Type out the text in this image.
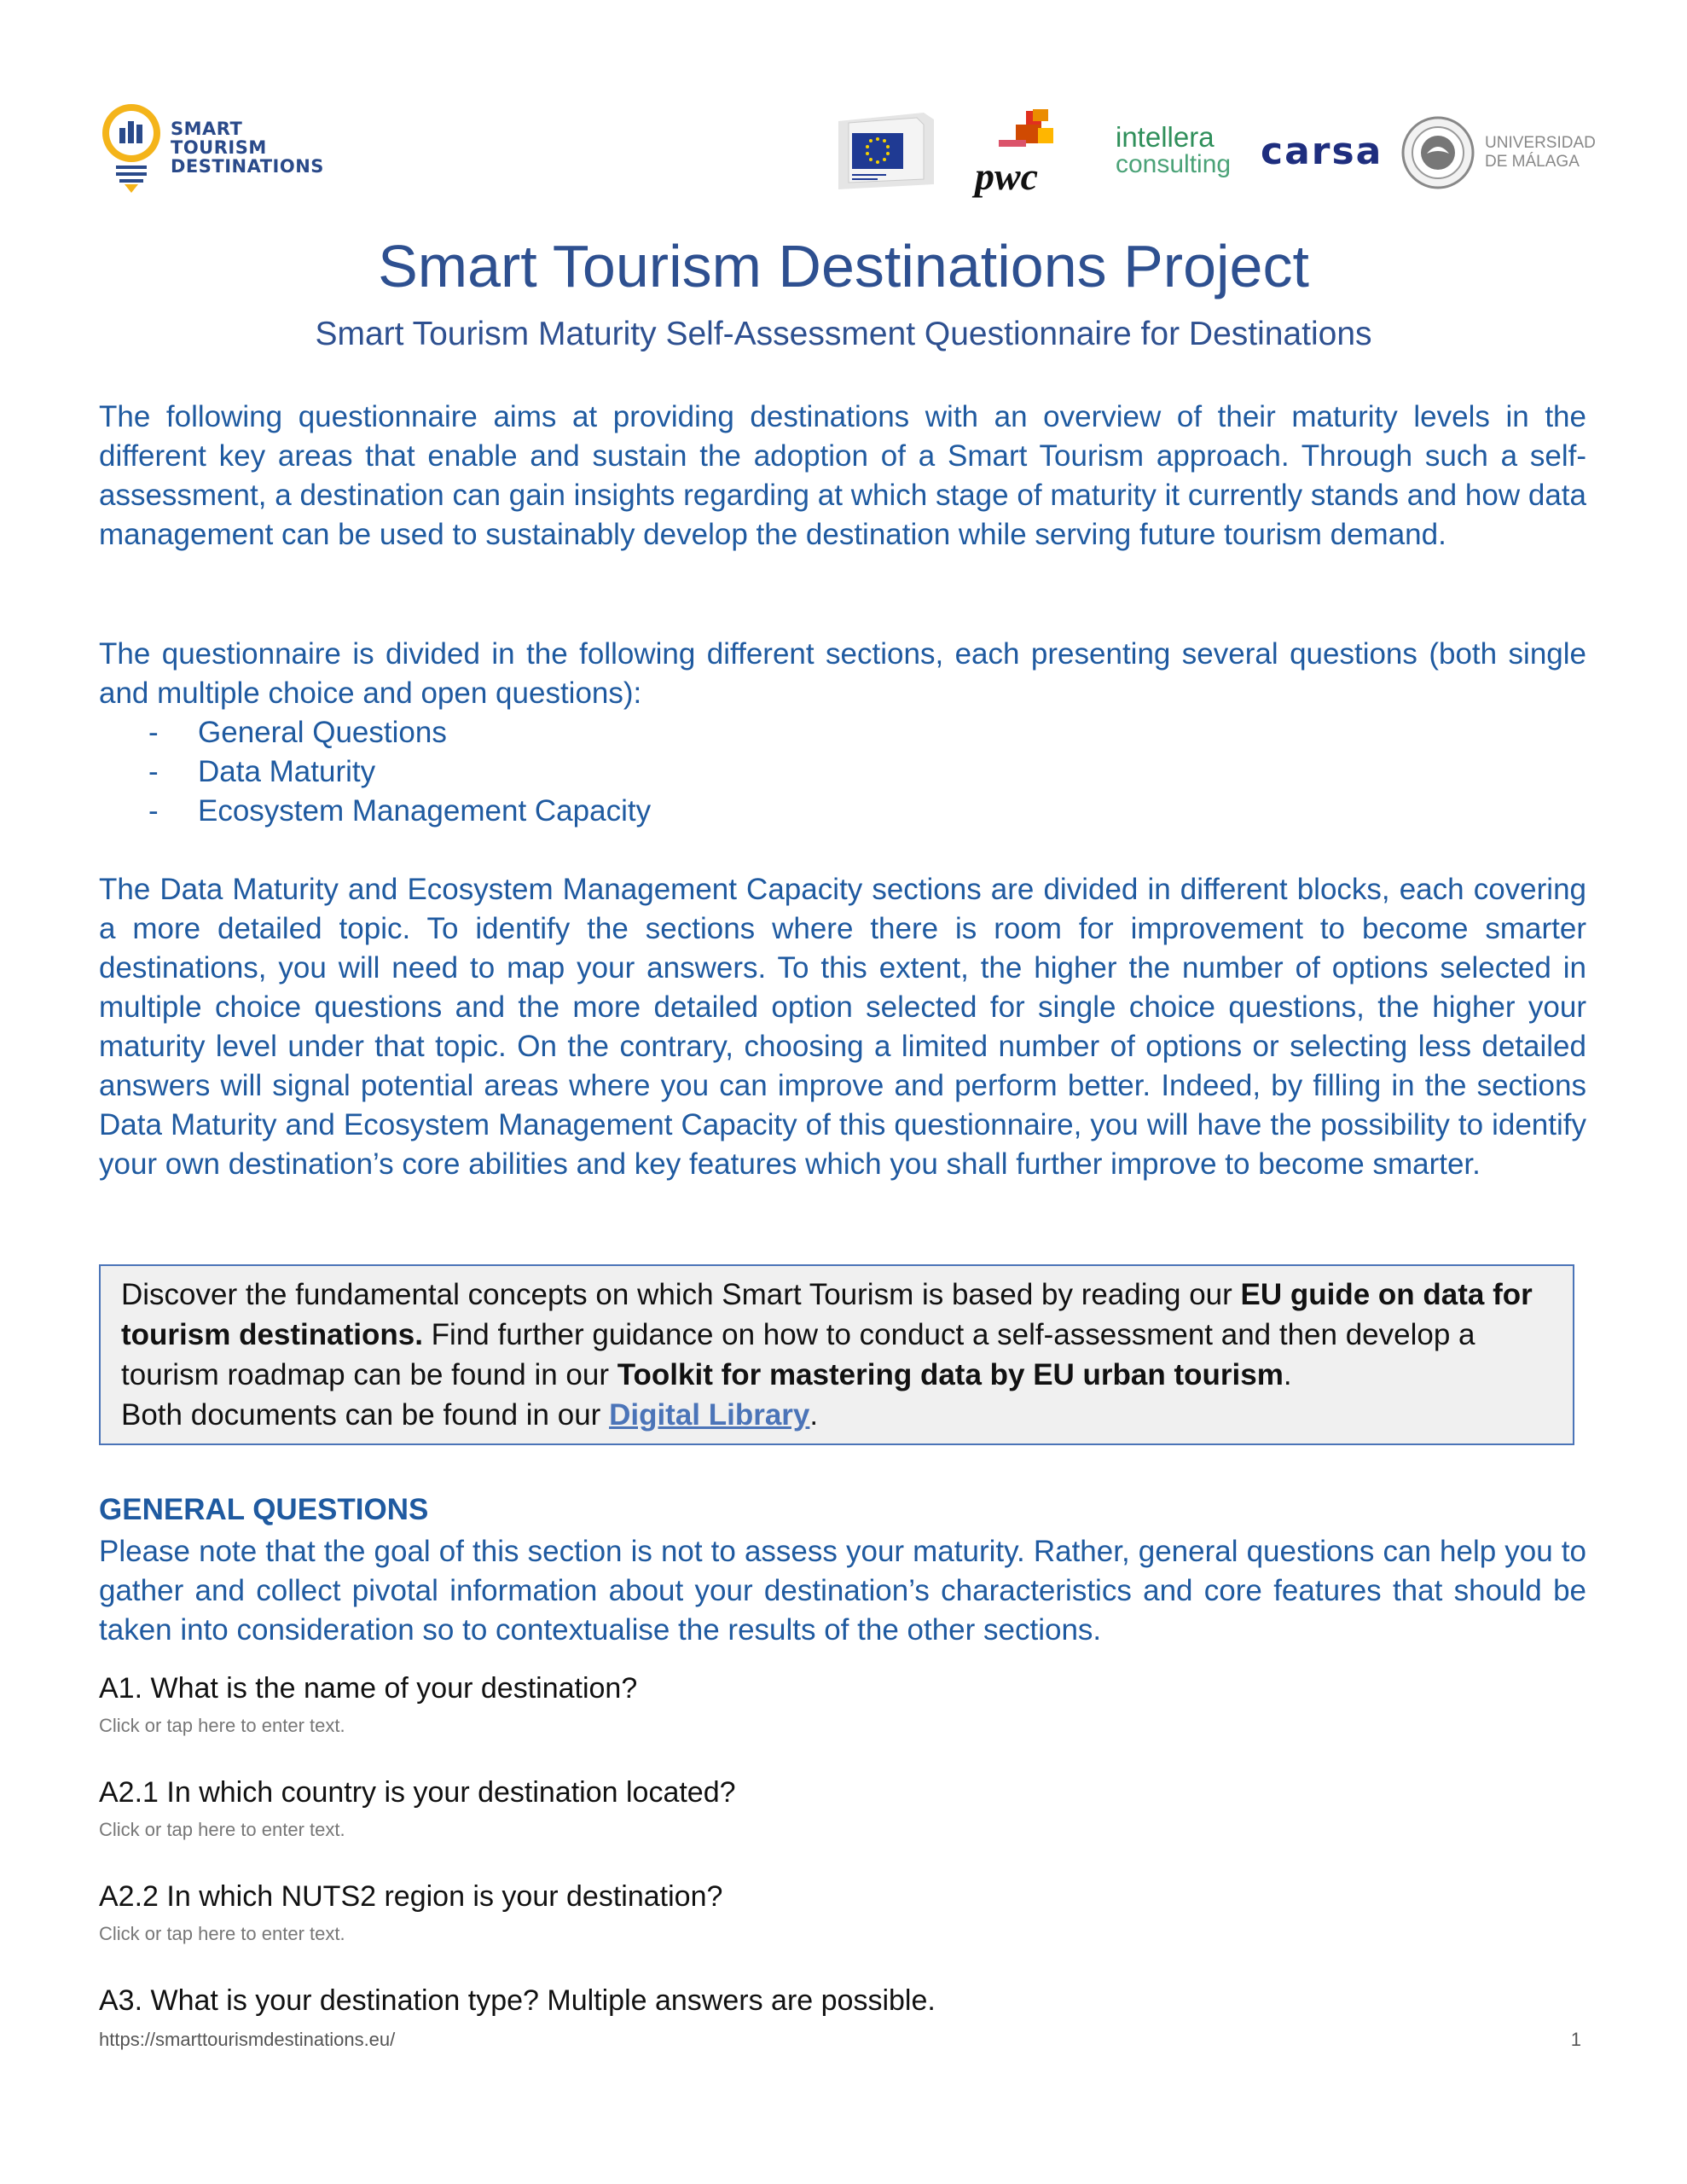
SMART
TOURISM
DESTINATIONS	pwc
intellera
consulting carsa	UNIVERSIDAD
DE MÁLAGA
Smart Tourism Destinations Project
Smart Tourism Maturity Self-Assessment Questionnaire for Destinations
The following questionnaire aims at providing destinations with an overview of their maturity levels in the different key areas that enable and sustain the adoption of a Smart Tourism approach. Through such a self-assessment, a destination can gain insights regarding at which stage of maturity it currently stands and how data management can be used to sustainably develop the destination while serving future tourism demand.
The questionnaire is divided in the following different sections, each presenting several questions (both single and multiple choice and open questions):
- General Questions
- Data Maturity
- Ecosystem Management Capacity
The Data Maturity and Ecosystem Management Capacity sections are divided in different blocks, each covering a more detailed topic. To identify the sections where there is room for improvement to become smarter destinations, you will need to map your answers. To this extent, the higher the number of options selected in multiple choice questions and the more detailed option selected for single choice questions, the higher your maturity level under that topic. On the contrary, choosing a limited number of options or selecting less detailed answers will signal potential areas where you can improve and perform better. Indeed, by filling in the sections Data Maturity and Ecosystem Management Capacity of this questionnaire, you will have the possibility to identify your own destination’s core abilities and key features which you shall further improve to become smarter.
Discover the fundamental concepts on which Smart Tourism is based by reading our EU guide on data for tourism destinations. Find further guidance on how to conduct a self-assessment and then develop a tourism roadmap can be found in our Toolkit for mastering data by EU urban tourism.
Both documents can be found in our Digital Library.
GENERAL QUESTIONS
Please note that the goal of this section is not to assess your maturity. Rather, general questions can help you to gather and collect pivotal information about your destination’s characteristics and core features that should be taken into consideration so to contextualise the results of the other sections.
A1. What is the name of your destination?
Click or tap here to enter text.
A2.1 In which country is your destination located?
Click or tap here to enter text.
A2.2 In which NUTS2 region is your destination?
Click or tap here to enter text.
A3. What is your destination type? Multiple answers are possible.
https://smarttourismdestinations.eu/	1
